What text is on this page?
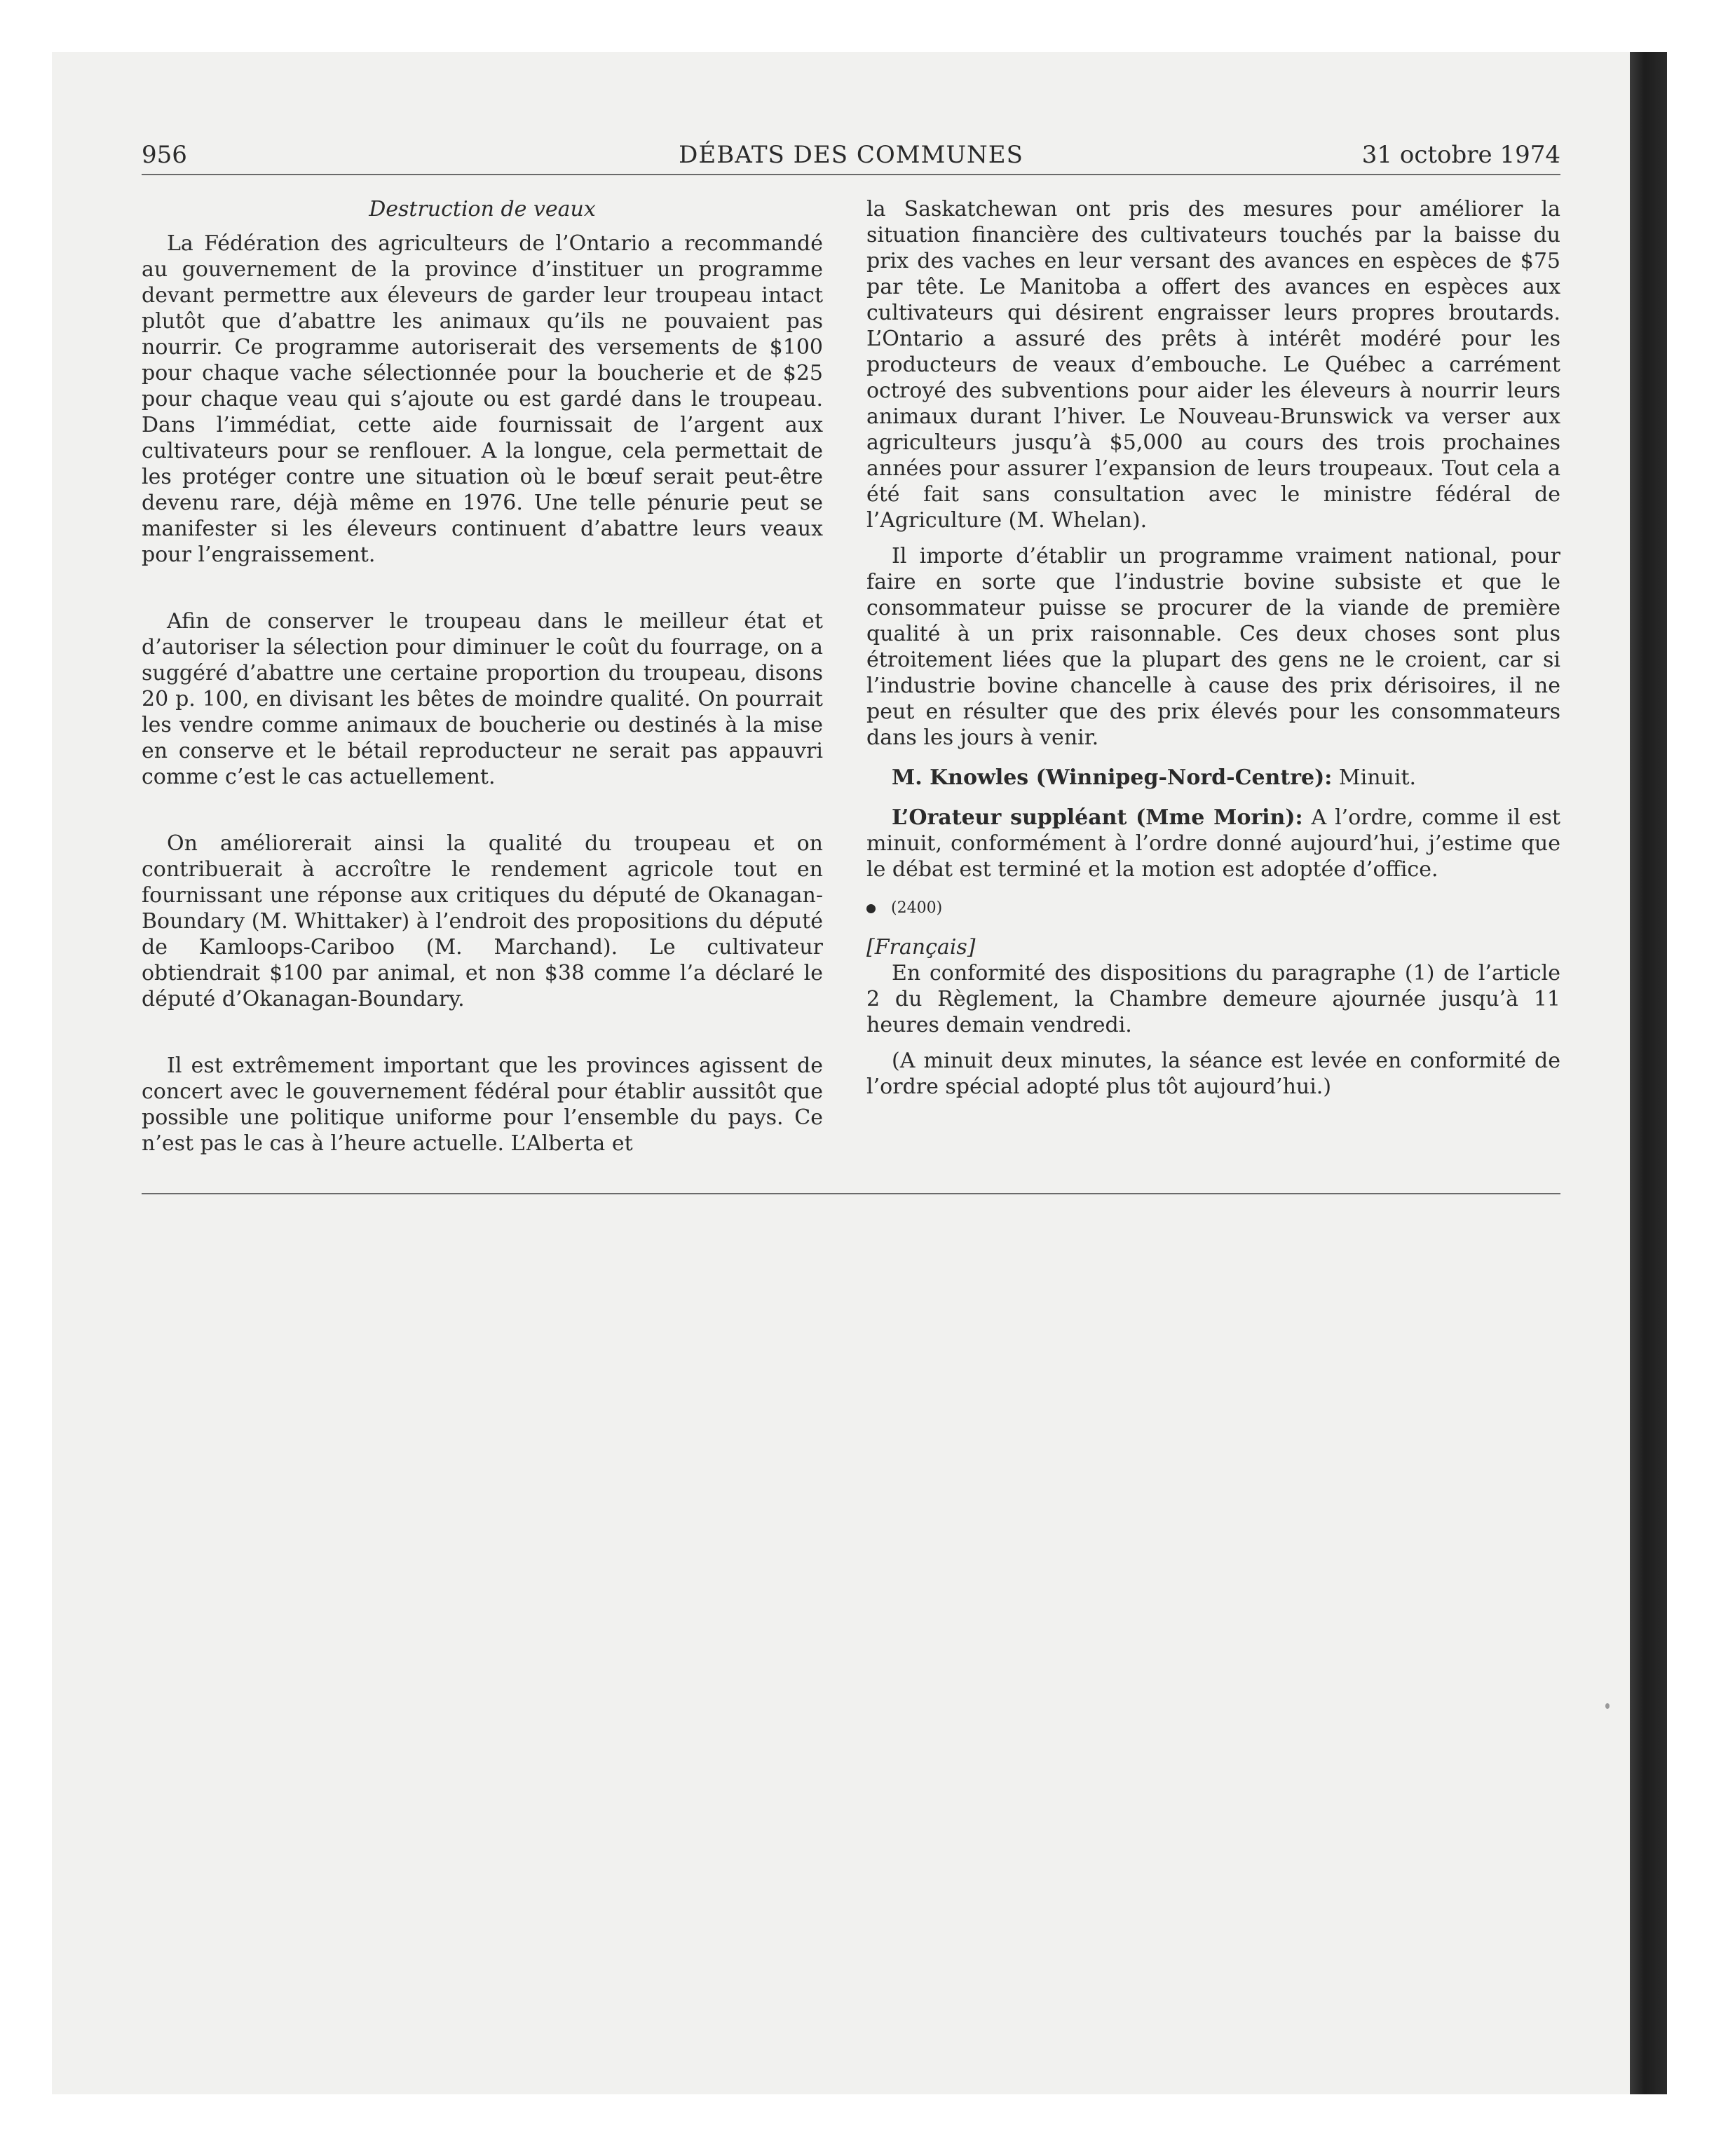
956	DÉBATS DES COMMUNES	31 octobre 1974
Destruction de veaux

La Fédération des agriculteurs de l’Ontario a recommandé au gouvernement de la province d’instituer un programme devant permettre aux éleveurs de garder leur troupeau intact plutôt que d’abattre les animaux qu’ils ne pouvaient pas nourrir. Ce programme autoriserait des versements de $100 pour chaque vache sélectionnée pour la boucherie et de $25 pour chaque veau qui s’ajoute ou est gardé dans le troupeau. Dans l’immédiat, cette aide fournissait de l’argent aux cultivateurs pour se renflouer. A la longue, cela permettait de les protéger contre une situation où le bœuf serait peut-être devenu rare, déjà même en 1976. Une telle pénurie peut se manifester si les éleveurs continuent d’abattre leurs veaux pour l’engraissement.

Afin de conserver le troupeau dans le meilleur état et d’autoriser la sélection pour diminuer le coût du fourrage, on a suggéré d’abattre une certaine proportion du troupeau, disons 20 p. 100, en divisant les bêtes de moindre qualité. On pourrait les vendre comme animaux de boucherie ou destinés à la mise en conserve et le bétail reproducteur ne serait pas appauvri comme c’est le cas actuellement.

On améliorerait ainsi la qualité du troupeau et on contribuerait à accroître le rendement agricole tout en fournissant une réponse aux critiques du député de Okanagan-Boundary (M. Whittaker) à l’endroit des propositions du député de Kamloops-Cariboo (M. Marchand). Le cultivateur obtiendrait $100 par animal, et non $38 comme l’a déclaré le député d’Okanagan-Boundary.

Il est extrêmement important que les provinces agissent de concert avec le gouvernement fédéral pour établir aussitôt que possible une politique uniforme pour l’ensemble du pays. Ce n’est pas le cas à l’heure actuelle. L’Alberta et

la Saskatchewan ont pris des mesures pour améliorer la situation financière des cultivateurs touchés par la baisse du prix des vaches en leur versant des avances en espèces de $75 par tête. Le Manitoba a offert des avances en espèces aux cultivateurs qui désirent engraisser leurs propres broutards. L’Ontario a assuré des prêts à intérêt modéré pour les producteurs de veaux d’embouche. Le Québec a carrément octroyé des subventions pour aider les éleveurs à nourrir leurs animaux durant l’hiver. Le Nouveau-Brunswick va verser aux agriculteurs jusqu’à $5,000 au cours des trois prochaines années pour assurer l’expansion de leurs troupeaux. Tout cela a été fait sans consultation avec le ministre fédéral de l’Agriculture (M. Whelan).

Il importe d’établir un programme vraiment national, pour faire en sorte que l’industrie bovine subsiste et que le consommateur puisse se procurer de la viande de première qualité à un prix raisonnable. Ces deux choses sont plus étroitement liées que la plupart des gens ne le croient, car si l’industrie bovine chancelle à cause des prix dérisoires, il ne peut en résulter que des prix élevés pour les consommateurs dans les jours à venir.

M. Knowles (Winnipeg-Nord-Centre): Minuit.

L’Orateur suppléant (Mme Morin): A l’ordre, comme il est minuit, conformément à l’ordre donné aujourd’hui, j’estime que le débat est terminé et la motion est adoptée d’office.

(2400)

[Français]

En conformité des dispositions du paragraphe (1) de l’article 2 du Règlement, la Chambre demeure ajournée jusqu’à 11 heures demain vendredi.

(A minuit deux minutes, la séance est levée en conformité de l’ordre spécial adopté plus tôt aujourd’hui.)
